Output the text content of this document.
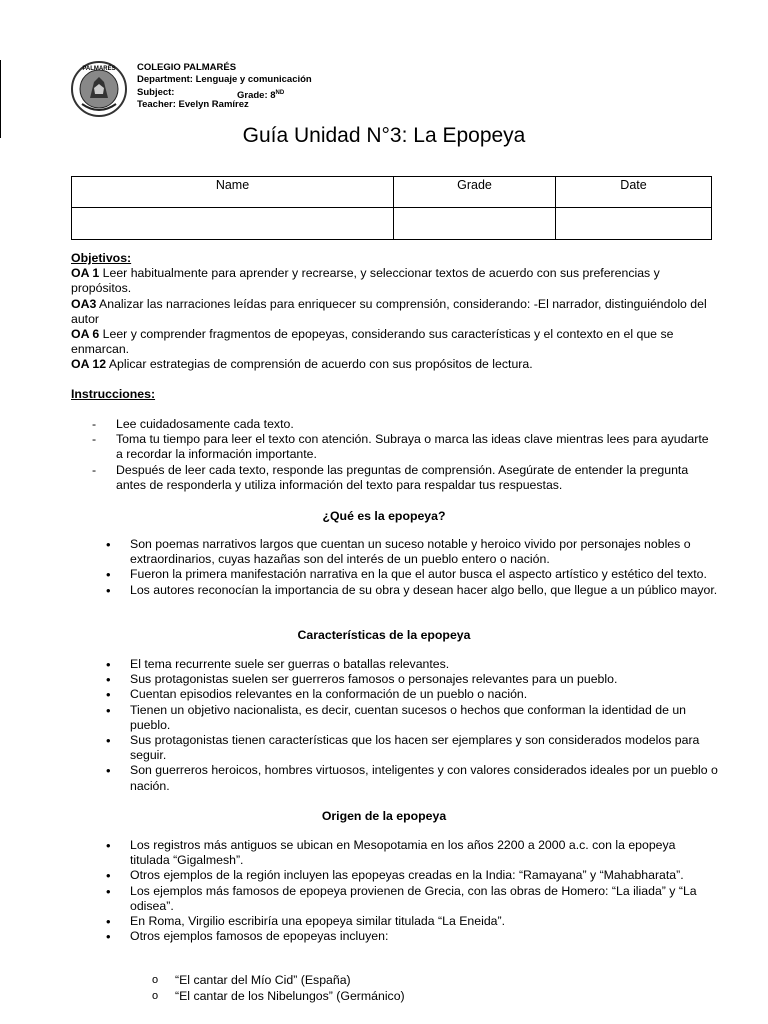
PALMARÉS COLEGIO PALMARÉS
Department: Lenguaje y comunicación
Subject:	Grade: 8ND
Teacher: Evelyn Ramírez
Guía Unidad N°3: La Epopeya
Name	Grade	Date

Objetivos:
OA 1 Leer habitualmente para aprender y recrearse, y seleccionar textos de acuerdo con sus preferencias y propósitos.
OA3 Analizar las narraciones leídas para enriquecer su comprensión, considerando: -El narrador, distinguiéndolo del autor
OA 6 Leer y comprender fragmentos de epopeyas, considerando sus características y el contexto en el que se enmarcan.
OA 12 Aplicar estrategias de comprensión de acuerdo con sus propósitos de lectura.
Instrucciones:
- Lee cuidadosamente cada texto.
- Toma tu tiempo para leer el texto con atención. Subraya o marca las ideas clave mientras lees para ayudarte a recordar la información importante.
- Después de leer cada texto, responde las preguntas de comprensión. Asegúrate de entender la pregunta antes de responderla y utiliza información del texto para respaldar tus respuestas.
¿Qué es la epopeya?
• Son poemas narrativos largos que cuentan un suceso notable y heroico vivido por personajes nobles o extraordinarios, cuyas hazañas son del interés de un pueblo entero o nación.
• Fueron la primera manifestación narrativa en la que el autor busca el aspecto artístico y estético del texto.
• Los autores reconocían la importancia de su obra y desean hacer algo bello, que llegue a un público mayor.
Características de la epopeya
• El tema recurrente suele ser guerras o batallas relevantes.
• Sus protagonistas suelen ser guerreros famosos o personajes relevantes para un pueblo.
• Cuentan episodios relevantes en la conformación de un pueblo o nación.
• Tienen un objetivo nacionalista, es decir, cuentan sucesos o hechos que conforman la identidad de un pueblo.
• Sus protagonistas tienen características que los hacen ser ejemplares y son considerados modelos para seguir.
• Son guerreros heroicos, hombres virtuosos, inteligentes y con valores considerados ideales por un pueblo o nación.
Origen de la epopeya
• Los registros más antiguos se ubican en Mesopotamia en los años 2200 a 2000 a.c. con la epopeya titulada “Gigalmesh”.
• Otros ejemplos de la región incluyen las epopeyas creadas en la India: “Ramayana” y “Mahabharata”.
• Los ejemplos más famosos de epopeya provienen de Grecia, con las obras de Homero: “La iliada” y “La odisea”.
• En Roma, Virgilio escribiría una epopeya similar titulada “La Eneida”.
• Otros ejemplos famosos de epopeyas incluyen:
o “El cantar del Mío Cid” (España)
o “El cantar de los Nibelungos” (Germánico)
